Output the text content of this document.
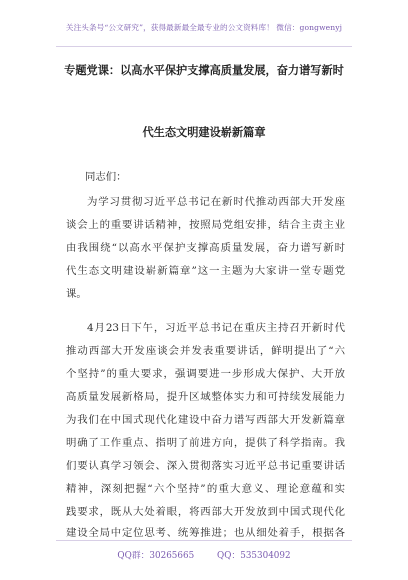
关注头条号“公文研究”，获得最新最全最专业的公文资料库！ 微信：gongwenyj
专题党课：以高水平保护支撑高质量发展，奋力谱写新时
代生态文明建设崭新篇章
同志们：
为学习贯彻习近平总书记在新时代推动西部大开发座
谈会上的重要讲话精神，按照局党组安排，结合主责主业
由我围绕“以高水平保护支撑高质量发展，奋力谱写新时
代生态文明建设崭新篇章”这一主题为大家讲一堂专题党
课。
4月23日下午，习近平总书记在重庆主持召开新时代
推动西部大开发座谈会并发表重要讲话，鲜明提出了“六
个坚持”的重大要求，强调要进一步形成大保护、大开放
高质量发展新格局，提升区域整体实力和可持续发展能力
为我们在中国式现代化建设中奋力谱写西部大开发新篇章
明确了工作重点、指明了前进方向，提供了科学指南。我
们要认真学习领会、深入贯彻落实习近平总书记重要讲话
精神，深刻把握“六个坚持”的重大意义、理论意蕴和实
践要求，既从大处着眼，将西部大开发放到中国式现代化
建设全局中定位思考、统筹推进；也从细处着手，根据各
QQ群：30265665	QQ：535304092
